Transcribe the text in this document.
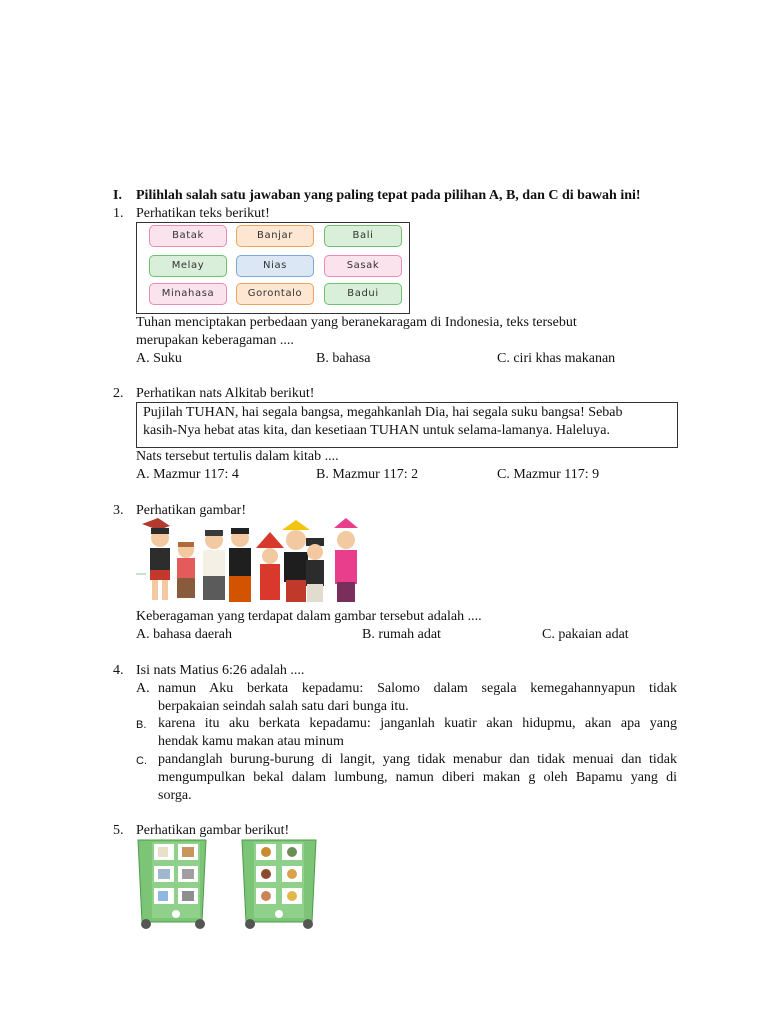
I. Pilihlah salah satu jawaban yang paling tepat pada pilihan A, B, dan C di bawah ini!
1. Perhatikan teks berikut!
Batak	Banjar	Bali
Melay	Nias	Sasak
Minahasa	Gorontalo	Badui
Tuhan menciptakan perbedaan yang beranekaragam di Indonesia, teks tersebut
merupakan keberagaman ....
A. Suku	B. bahasa	C. ciri khas makanan
2. Perhatikan nats Alkitab berikut!
Pujilah TUHAN, hai segala bangsa, megahkanlah Dia, hai segala suku bangsa! Sebab
kasih-Nya hebat atas kita, dan kesetiaan TUHAN untuk selama-lamanya. Haleluya.
Nats tersebut tertulis dalam kitab ....
A. Mazmur 117: 4	B. Mazmur 117: 2	C. Mazmur 117: 9
3. Perhatikan gambar!
Keberagaman yang terdapat dalam gambar tersebut adalah ....
A. bahasa daerah	B. rumah adat	C. pakaian adat
4. Isi nats Matius 6:26 adalah ....
A. namun Aku berkata kepadamu: Salomo dalam segala kemegahannyapun tidak
berpakaian seindah salah satu dari bunga itu.
B. karena itu aku berkata kepadamu: janganlah kuatir akan hidupmu, akan apa yang
hendak kamu makan atau minum
C. pandanglah burung-burung di langit, yang tidak menabur dan tidak menuai dan tidak
mengumpulkan bekal dalam lumbung, namun diberi makan g oleh Bapamu yang di
sorga.
5. Perhatikan gambar berikut!
